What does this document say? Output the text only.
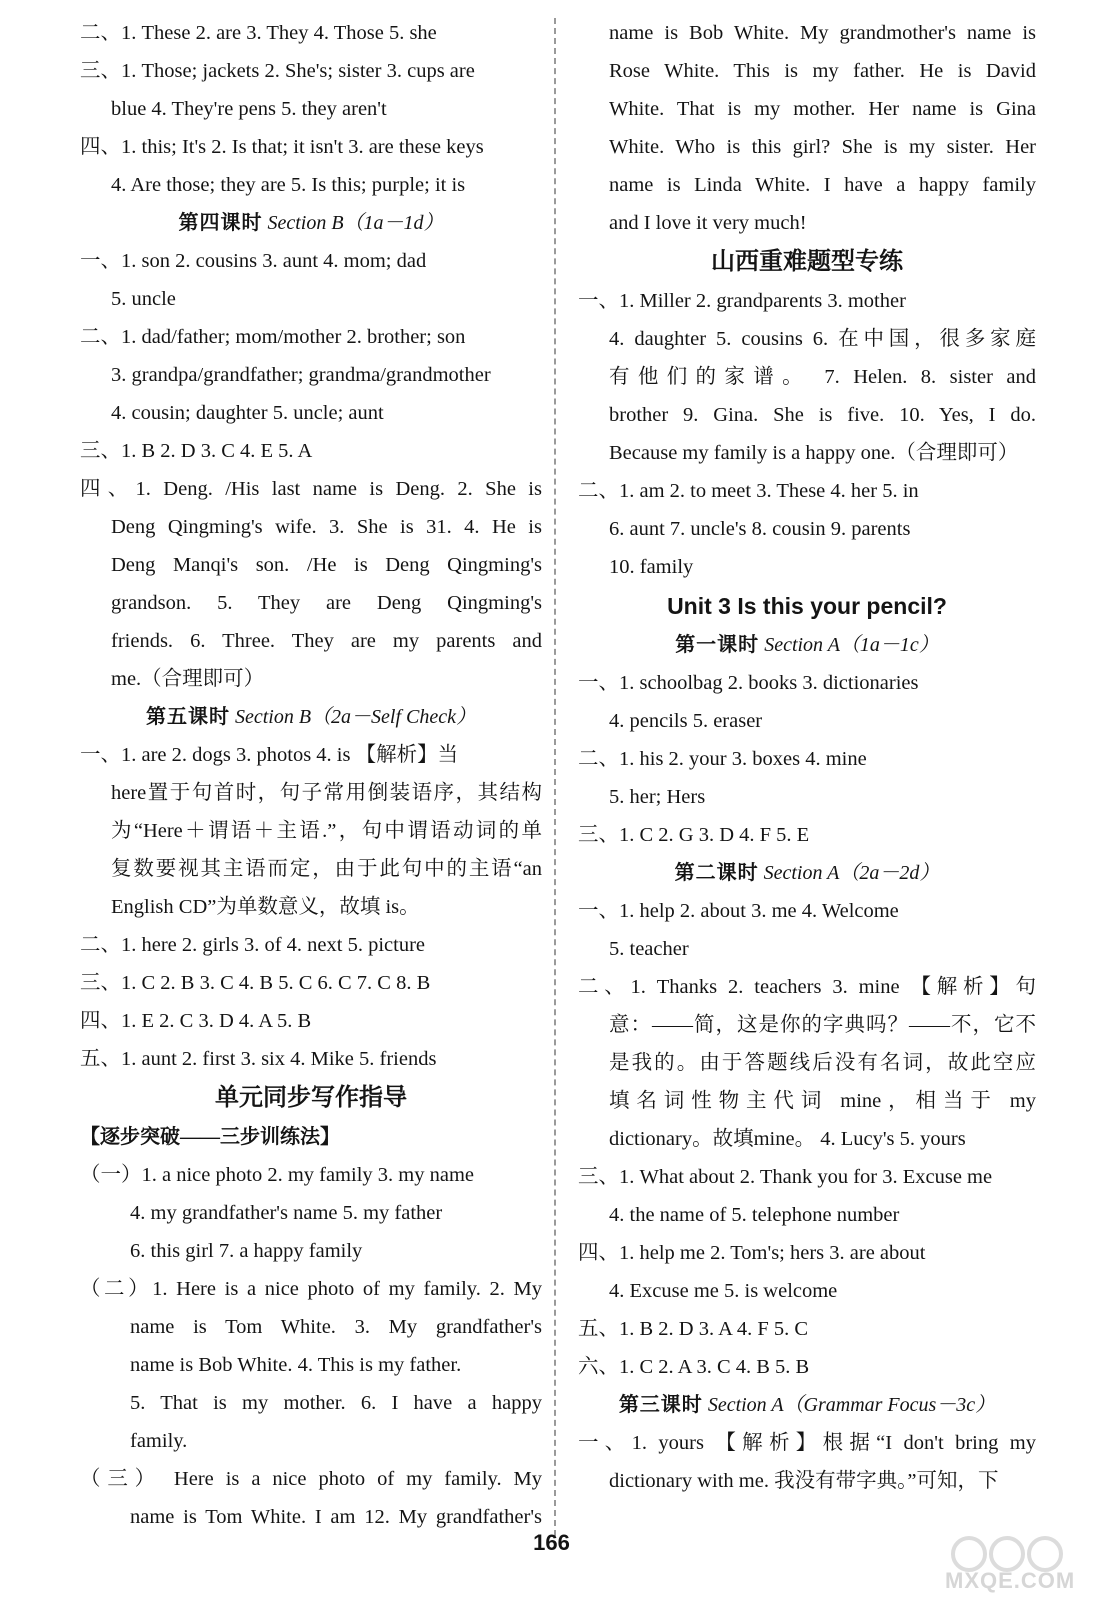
二、1. These 2. are 3. They 4. Those 5. she
三、1. Those; jackets 2. She's; sister 3. cups are
blue 4. They're pens 5. they aren't
四、1. this; It's 2. Is that; it isn't 3. are these keys
4. Are those; they are 5. Is this; purple; it is
第四课时 Section B（1a－1d）
一、1. son 2. cousins 3. aunt 4. mom; dad
5. uncle
二、1. dad/father; mom/mother 2. brother; son
3. grandpa/grandfather; grandma/grandmother
4. cousin; daughter 5. uncle; aunt
三、1. B 2. D 3. C 4. E 5. A
四、1. Deng. /His last name is Deng. 2. She is
Deng Qingming's wife. 3. She is 31. 4. He is
Deng Manqi's son. /He is Deng Qingming's
grandson. 5. They are Deng Qingming's
friends. 6. Three. They are my parents and
me.（合理即可）
第五课时 Section B（2a－Self Check）
一、1. are 2. dogs 3. photos 4. is 【解析】当
here置于句首时，句子常用倒装语序，其结构
为“Here＋谓语＋主语.”，句中谓语动词的单
复数要视其主语而定，由于此句中的主语“an
English CD”为单数意义，故填 is。
二、1. here 2. girls 3. of 4. next 5. picture
三、1. C 2. B 3. C 4. B 5. C 6. C 7. C 8. B
四、1. E 2. C 3. D 4. A 5. B
五、1. aunt 2. first 3. six 4. Mike 5. friends
单元同步写作指导
【逐步突破——三步训练法】
（一）1. a nice photo 2. my family 3. my name
4. my grandfather's name 5. my father
6. this girl 7. a happy family
（二）1. Here is a nice photo of my family. 2. My
name is Tom White. 3. My grandfather's
name is Bob White. 4. This is my father.
5. That is my mother. 6. I have a happy
family.
（三） Here is a nice photo of my family. My
name is Tom White. I am 12. My grandfather's
name is Bob White. My grandmother's name is
Rose White. This is my father. He is David
White. That is my mother. Her name is Gina
White. Who is this girl? She is my sister. Her
name is Linda White. I have a happy family
and I love it very much!
山西重难题型专练
一、1. Miller 2. grandparents 3. mother
4. daughter 5. cousins 6. 在中国，很多家庭
有他们的家谱。 7. Helen. 8. sister and
brother 9. Gina. She is five. 10. Yes, I do.
Because my family is a happy one.（合理即可）
二、1. am 2. to meet 3. These 4. her 5. in
6. aunt 7. uncle's 8. cousin 9. parents
10. family
Unit 3 Is this your pencil?
第一课时 Section A（1a－1c）
一、1. schoolbag 2. books 3. dictionaries
4. pencils 5. eraser
二、1. his 2. your 3. boxes 4. mine
5. her; Hers
三、1. C 2. G 3. D 4. F 5. E
第二课时 Section A（2a－2d）
一、1. help 2. about 3. me 4. Welcome
5. teacher
二、1. Thanks 2. teachers 3. mine 【解析】句
意：——简，这是你的字典吗？——不，它不
是我的。由于答题线后没有名词，故此空应
填名词性物主代词 mine，相当于 my
dictionary。故填mine。 4. Lucy's 5. yours
三、1. What about 2. Thank you for 3. Excuse me
4. the name of 5. telephone number
四、1. help me 2. Tom's; hers 3. are about
4. Excuse me 5. is welcome
五、1. B 2. D 3. A 4. F 5. C
六、1. C 2. A 3. C 4. B 5. B
第三课时 Section A（Grammar Focus－3c）
一、1. yours 【解析】根据“I don't bring my
dictionary with me. 我没有带字典。”可知，下
166
MXQE.COM
